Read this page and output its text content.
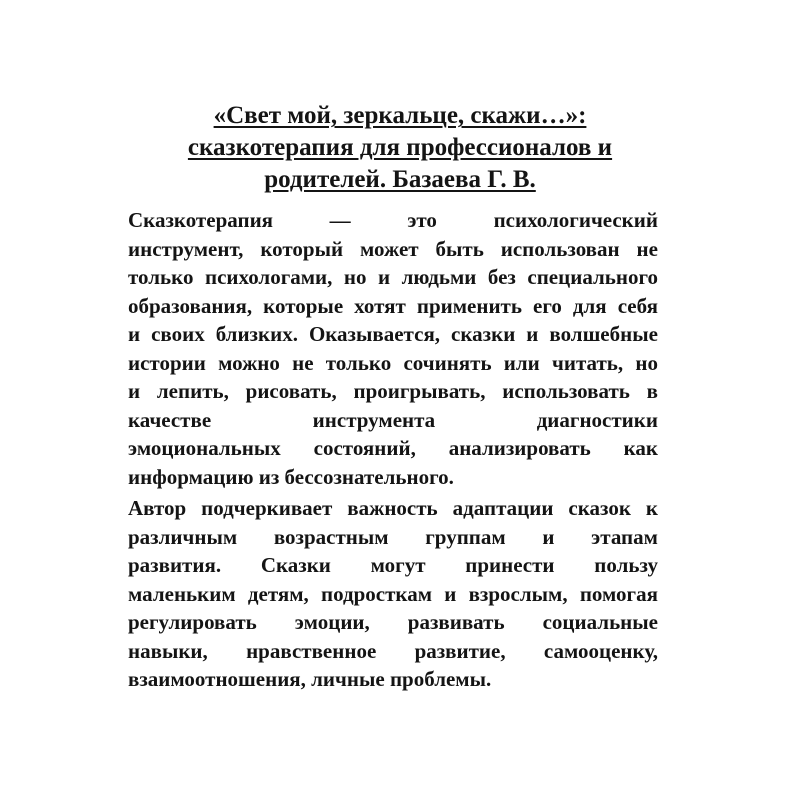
«Свет мой, зеркальце, скажи…»:
сказкотерапия для профессионалов и
родителей. Базаева Г. В.
Сказкотерапия	—	это	психологический
инструмент, который может быть использован не
только психологами, но и людьми без специального
образования, которые хотят применить его для себя
и своих близких. Оказывается, сказки и волшебные
истории можно не только сочинять или читать, но
и лепить, рисовать, проигрывать, использовать в
качестве	инструмента	диагностики
эмоциональных состояний, анализировать как
информацию из бессознательного.
Автор подчеркивает важность адаптации сказок к
различным возрастным группам и этапам
развития. Сказки могут принести пользу
маленьким детям, подросткам и взрослым, помогая
регулировать эмоции, развивать социальные
навыки, нравственное развитие, самооценку,
взаимоотношения, личные проблемы.
